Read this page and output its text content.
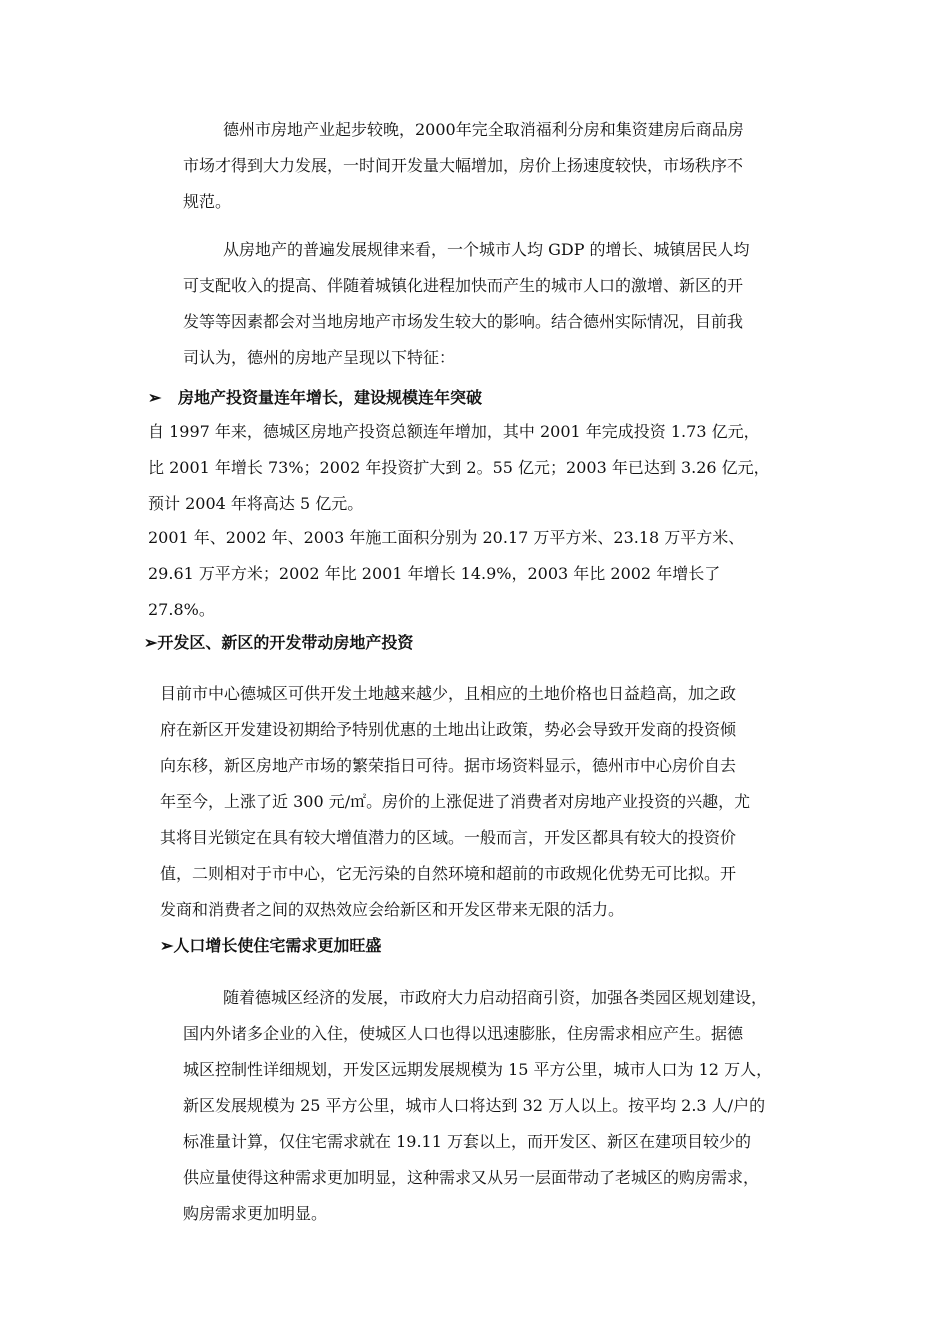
德州市房地产业起步较晚，2000年完全取消福利分房和集资建房后商品房
市场才得到大力发展，一时间开发量大幅增加，房价上扬速度较快，市场秩序不
规范。
从房地产的普遍发展规律来看，一个城市人均 GDP 的增长、城镇居民人均
可支配收入的提高、伴随着城镇化进程加快而产生的城市人口的激增、新区的开
发等等因素都会对当地房地产市场发生较大的影响。结合德州实际情况，目前我
司认为，德州的房地产呈现以下特征：
➢ 房地产投资量连年增长，建设规模连年突破
自 1997 年来，德城区房地产投资总额连年增加，其中 2001 年完成投资 1.73 亿元，
比 2001 年增长 73%；2002 年投资扩大到 2。55 亿元；2003 年已达到 3.26 亿元，
预计 2004 年将高达 5 亿元。
2001 年、2002 年、2003 年施工面积分别为 20.17 万平方米、23.18 万平方米、
29.61 万平方米；2002 年比 2001 年增长 14.9%，2003 年比 2002 年增长了
27.8%。
➢开发区、新区的开发带动房地产投资
目前市中心德城区可供开发土地越来越少，且相应的土地价格也日益趋高，加之政
府在新区开发建设初期给予特别优惠的土地出让政策，势必会导致开发商的投资倾
向东移，新区房地产市场的繁荣指日可待。据市场资料显示，德州市中心房价自去
年至今，上涨了近 300 元/㎡。房价的上涨促进了消费者对房地产业投资的兴趣，尤
其将目光锁定在具有较大增值潜力的区域。一般而言，开发区都具有较大的投资价
值，二则相对于市中心，它无污染的自然环境和超前的市政规化优势无可比拟。开
发商和消费者之间的双热效应会给新区和开发区带来无限的活力。
➢人口增长使住宅需求更加旺盛
随着德城区经济的发展，市政府大力启动招商引资，加强各类园区规划建设，
国内外诸多企业的入住，使城区人口也得以迅速膨胀，住房需求相应产生。据德
城区控制性详细规划，开发区远期发展规模为 15 平方公里，城市人口为 12 万人，
新区发展规模为 25 平方公里，城市人口将达到 32 万人以上。按平均 2.3 人/户的
标准量计算，仅住宅需求就在 19.11 万套以上，而开发区、新区在建项目较少的
供应量使得这种需求更加明显，这种需求又从另一层面带动了老城区的购房需求，
购房需求更加明显。
